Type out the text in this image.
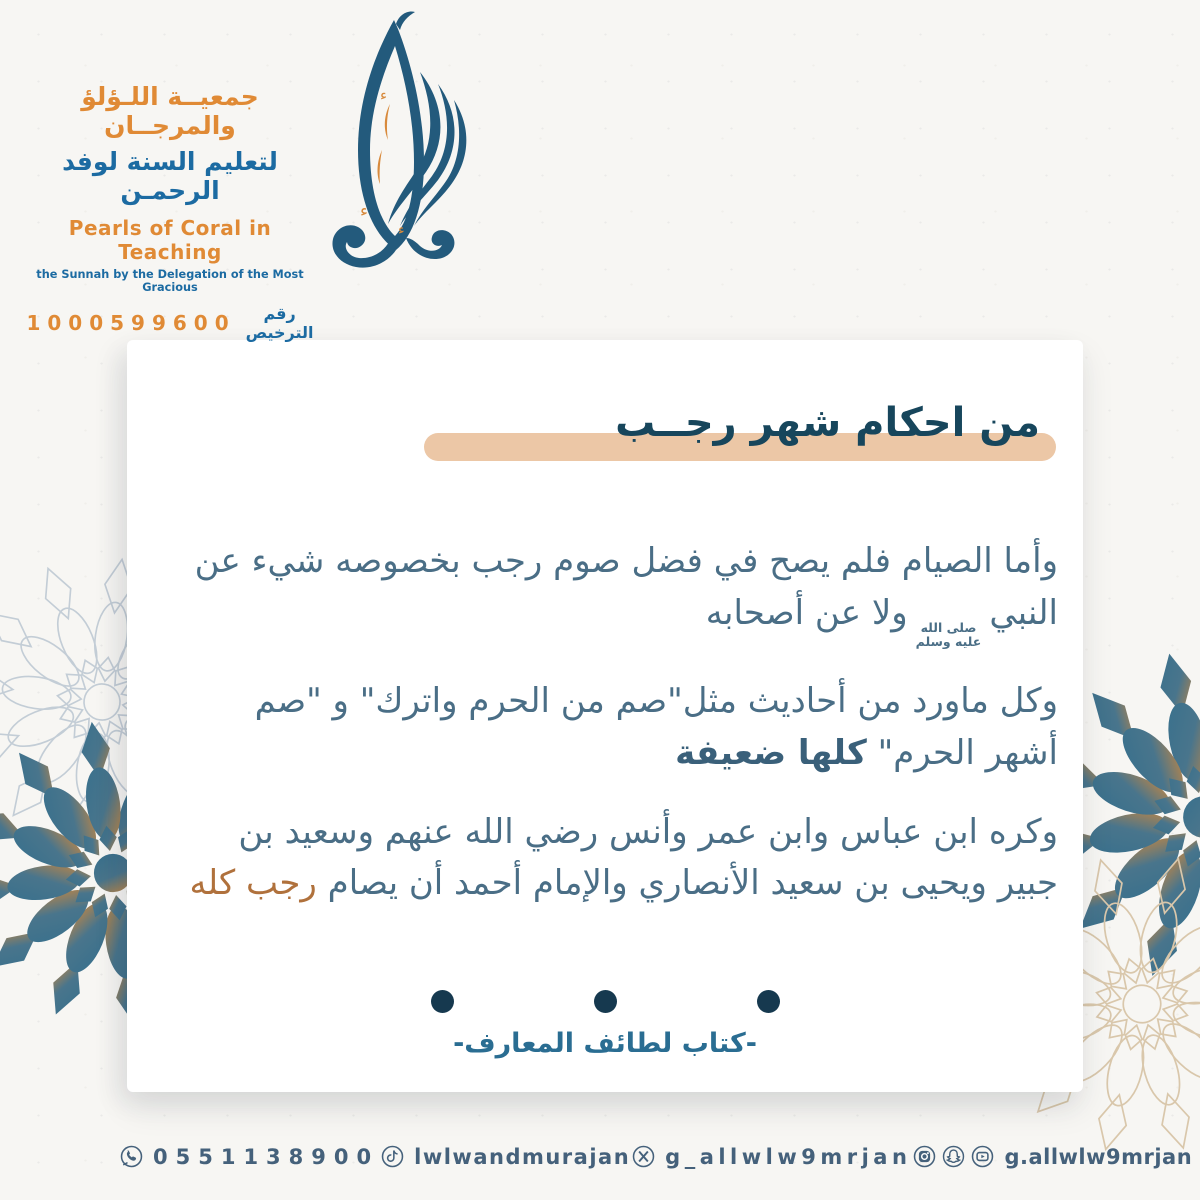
جمعيــة اللـؤلؤ والمرجــان
لتعليم السنة لوفد الرحمـن
Pearls of Coral in Teaching
the Sunnah by the Delegation of the Most Gracious
رقم الترخيص
1000599600
ء
ء
ء
من احكام شهر رجــب

وأما الصيام فلم يصح في فضل صوم رجب بخصوصه شيء عن النبي
صلى الله
عليه وسلم
ولا عن أصحابه

وكل ماورد من أحاديث مثل"صم من الحرم واترك" و "صم أشهر الحرم" كلها ضعيفة

وكره ابن عباس وابن عمر وأنس رضي الله عنهم وسعيد بن جبير ويحيى بن سعيد الأنصاري والإمام أحمد أن يصام رجب كله

-كتاب لطائف المعارف-
0551138900 lwlwandmurajan g_allwlw9mrjan	g.allwlw9mrjan
